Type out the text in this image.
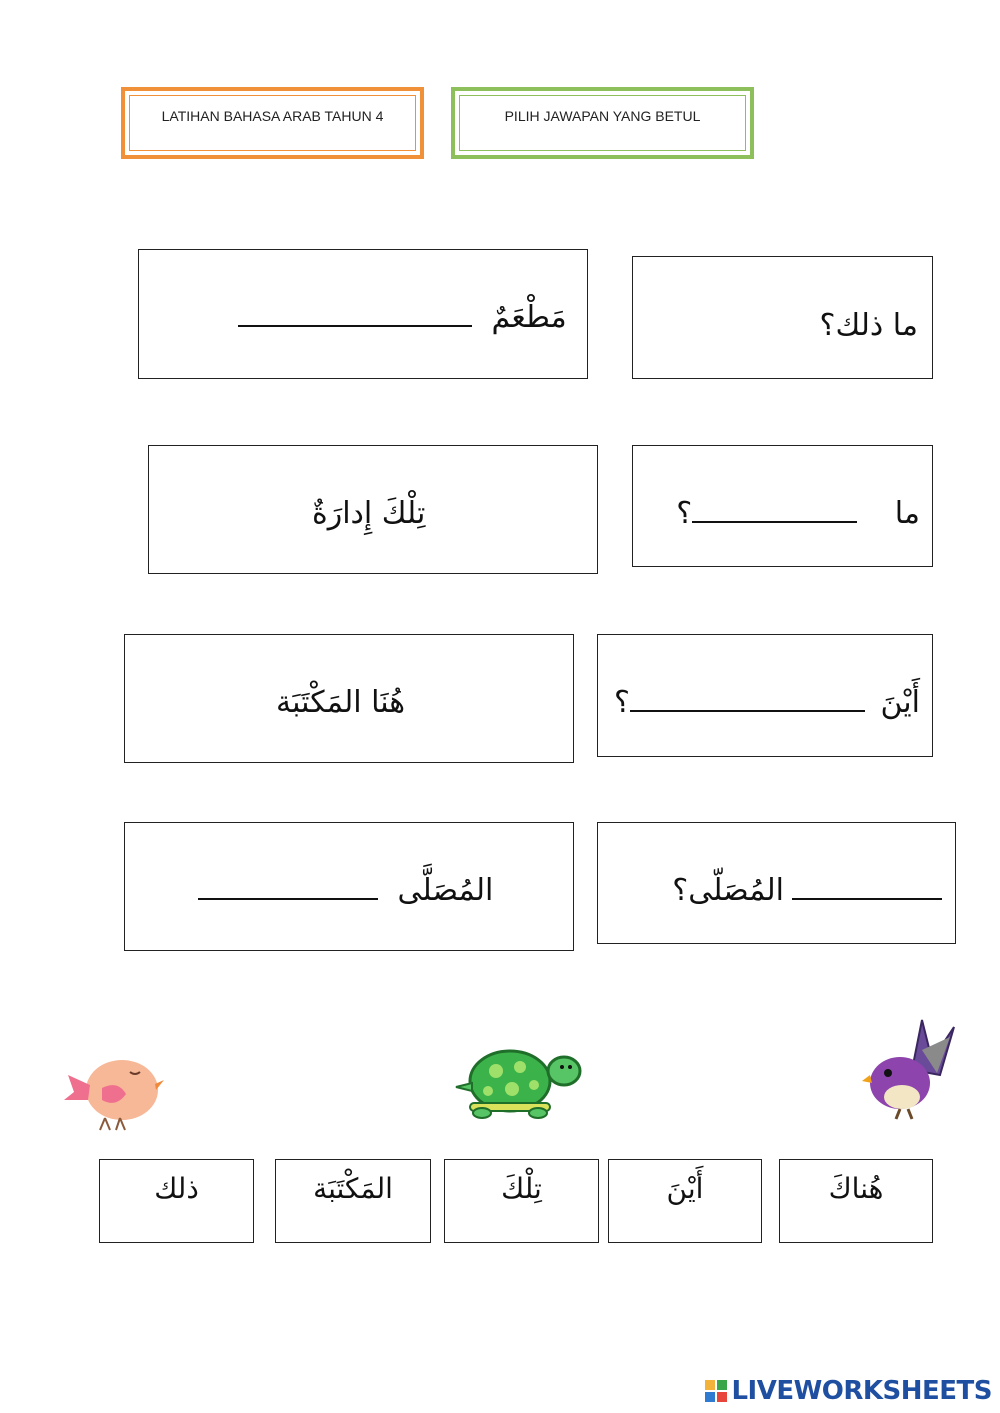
LATIHAN BAHASA ARAB TAHUN 4	PILIH JAWAPAN YANG BETUL
مَطْعَمٌ	ما ذلك؟
تِلْكَ إِدارَةٌ	ما ؟
هُنَا المَكْتَبَة	أَيْنَ ؟
المُصَلَّى	المُصَلّى؟
ذلك	المَكْتَبَة	تِلْكَ	أَيْنَ	هُناكَ
LIVEWORKSHEETS
